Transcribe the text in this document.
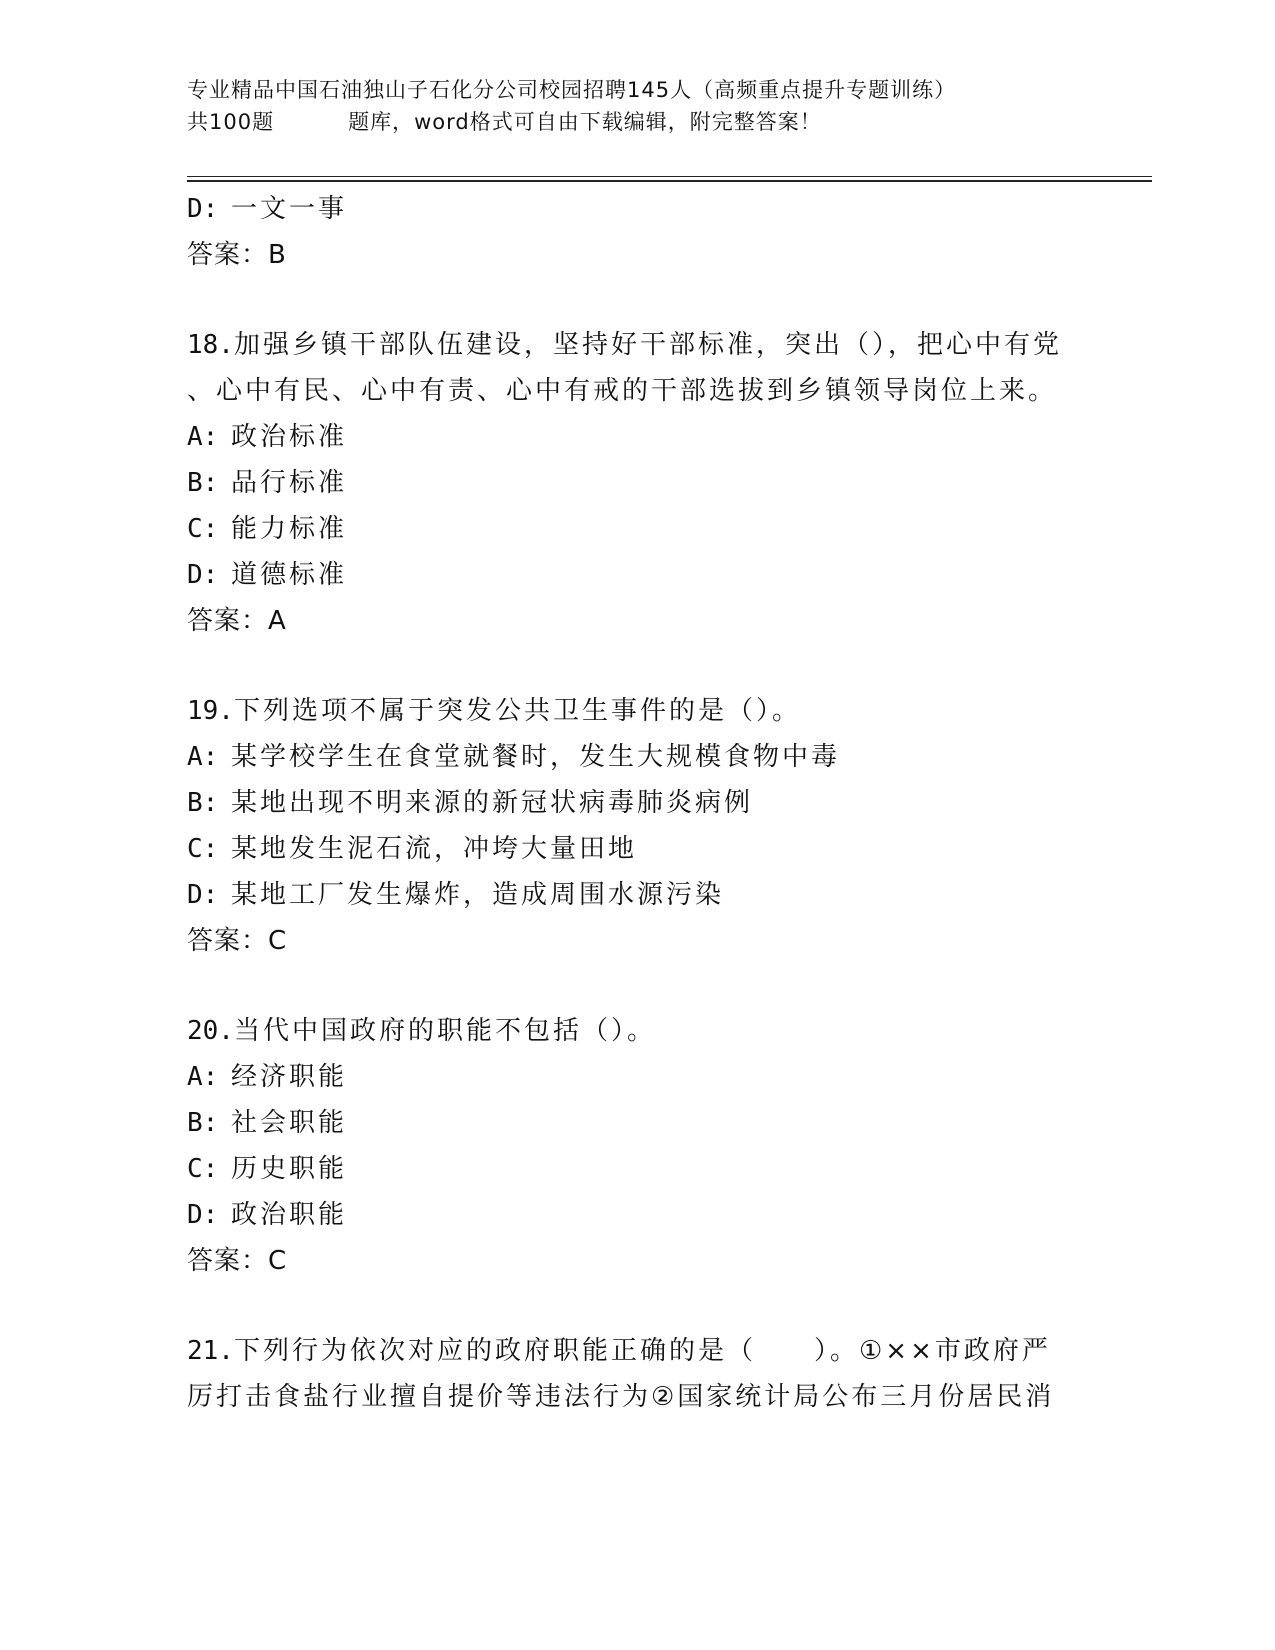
专业精品中国石油独山子石化分公司校园招聘145人（高频重点提升专题训练）
共100题	题库，word格式可自由下载编辑，附完整答案！
D: 一文一事
答案：B
18.加强乡镇干部队伍建设，坚持好干部标准，突出（），把心中有党
、心中有民、心中有责、心中有戒的干部选拔到乡镇领导岗位上来。
A: 政治标准
B: 品行标准
C: 能力标准
D: 道德标准
答案：A
19.下列选项不属于突发公共卫生事件的是（）。
A: 某学校学生在食堂就餐时，发生大规模食物中毒
B: 某地出现不明来源的新冠状病毒肺炎病例
C: 某地发生泥石流，冲垮大量田地
D: 某地工厂发生爆炸，造成周围水源污染
答案：C
20.当代中国政府的职能不包括（）。
A: 经济职能
B: 社会职能
C: 历史职能
D: 政治职能
答案：C
21.下列行为依次对应的政府职能正确的是（　　）。①××市政府严
厉打击食盐行业擅自提价等违法行为②国家统计局公布三月份居民消
